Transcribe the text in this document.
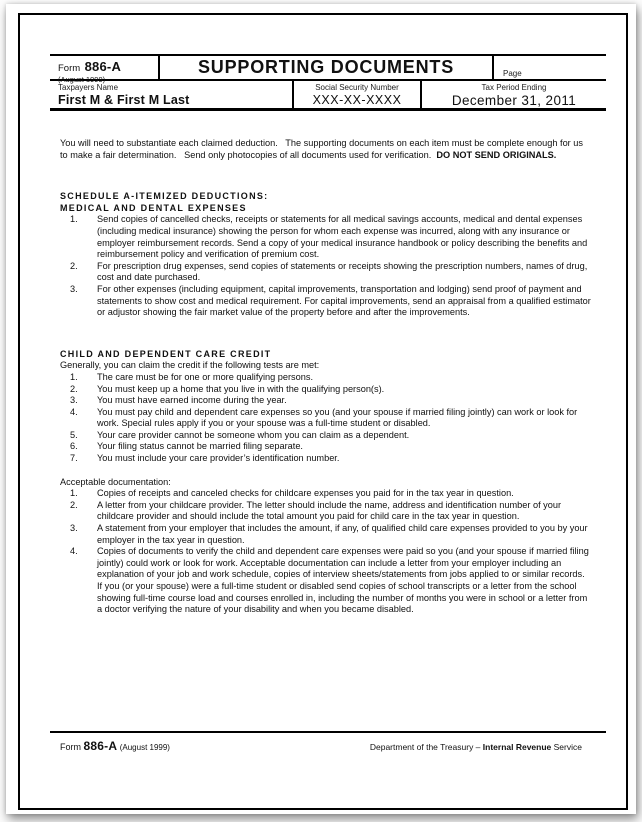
Form 886-A
(August 1999)
SUPPORTING DOCUMENTS	Page
Taxpayers Name
First M & First M Last
Social Security Number
XXX-XX-XXXX
Tax Period Ending
December 31, 2011

You will need to substantiate each claimed deduction.   The supporting documents on each item must be complete enough for us to make a fair determination.   Send only photocopies of all documents used for verification.  DO NOT SEND ORIGINALS.

SCHEDULE A-ITEMIZED DEDUCTIONS:
MEDICAL AND DENTAL EXPENSES
1.	Send copies of cancelled checks, receipts or statements for all medical savings accounts, medical and dental expenses (including medical insurance) showing the person for whom each expense was incurred, along with any insurance or employer reimbursement records. Send a copy of your medical insurance handbook or policy describing the benefits and reimbursement policy and verification of premium cost.
2.	For prescription drug expenses, send copies of statements or receipts showing the prescription numbers, names of drug, cost and date purchased.
3.	For other expenses (including equipment, capital improvements, transportation and lodging) send proof of payment and statements to show cost and medical requirement. For capital improvements, send an appraisal from a qualified estimator or adjustor showing the fair market value of the property before and after the improvements.
CHILD AND DEPENDENT CARE CREDIT
Generally, you can claim the credit if the following tests are met:
1.	The care must be for one or more qualifying persons.
2.	You must keep up a home that you live in with the qualifying person(s).
3.	You must have earned income during the year.
4.	You must pay child and dependent care expenses so you (and your spouse if married filing jointly) can work or look for work. Special rules apply if you or your spouse was a full-time student or disabled.
5.	Your care provider cannot be someone whom you can claim as a dependent.
6.	Your filing status cannot be married filing separate.
7.	You must include your care provider’s identification number.
Acceptable documentation:
1.	Copies of receipts and canceled checks for childcare expenses you paid for in the tax year in question.
2.	A letter from your childcare provider. The letter should include the name, address and identification number of your childcare provider and should include the total amount you paid for child care in the tax year in question.
3.	A statement from your employer that includes the amount, if any, of qualified child care expenses provided to you by your employer in the tax year in question.
4.	Copies of documents to verify the child and dependent care expenses were paid so you (and your spouse if married filing jointly) could work or look for work. Acceptable documentation can include a letter from your employer including an explanation of your job and work schedule, copies of interview sheets/statements from jobs applied to or similar records. If you (or your spouse) were a full-time student or disabled send copies of school transcripts or a letter from the school showing full-time course load and courses enrolled in, including the number of months you were in school or a letter from a doctor verifying the nature of your disability and when you became disabled.
Form 886-A (August 1999)	Department of the Treasury – Internal Revenue Service
